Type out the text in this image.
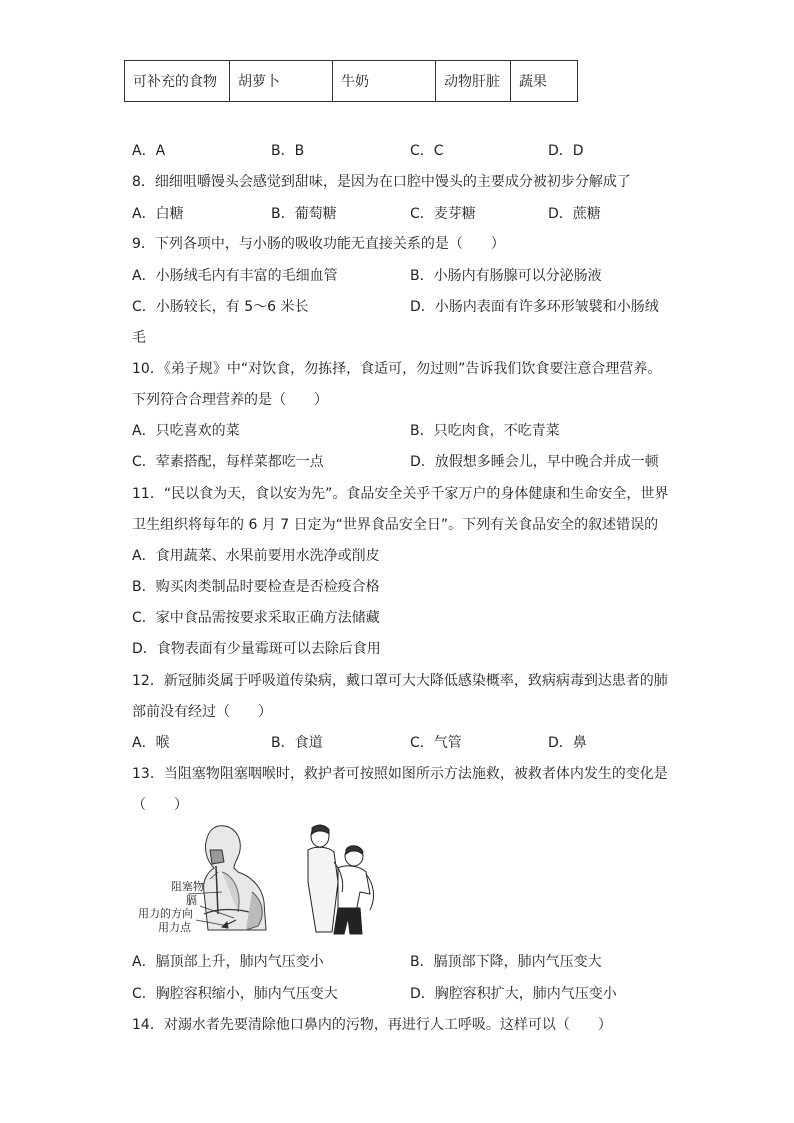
可补充的食物	胡萝卜	牛奶	动物肝脏	蔬果
A．A	B．B	C．C	D．D
8．细细咀嚼馒头会感觉到甜味，是因为在口腔中馒头的主要成分被初步分解成了
A．白糖	B．葡萄糖	C．麦芽糖	D．蔗糖
9．下列各项中，与小肠的吸收功能无直接关系的是（　　）
A．小肠绒毛内有丰富的毛细血管	B．小肠内有肠腺可以分泌肠液
C．小肠较长，有 5～6 米长	D．小肠内表面有许多环形皱襞和小肠绒
毛
10．《弟子规》中“对饮食，勿拣择，食适可，勿过则”告诉我们饮食要注意合理营养。
下列符合合理营养的是（　　）
A．只吃喜欢的菜	B．只吃肉食，不吃青菜
C．荤素搭配，每样菜都吃一点	D．放假想多睡会儿，早中晚合并成一顿
11．“民以食为天，食以安为先”。食品安全关乎千家万户的身体健康和生命安全，世界
卫生组织将每年的 6 月 7 日定为“世界食品安全日”。下列有关食品安全的叙述错误的
A．食用蔬菜、水果前要用水洗净或削皮
B．购买肉类制品时要检查是否检疫合格
C．家中食品需按要求采取正确方法储藏
D．食物表面有少量霉斑可以去除后食用
12．新冠肺炎属于呼吸道传染病，戴口罩可大大降低感染概率，致病病毒到达患者的肺
部前没有经过（　　）
A．喉	B．食道	C．气管	D．鼻
13．当阻塞物阻塞咽喉时，救护者可按照如图所示方法施救，被救者体内发生的变化是
（　　）
阻塞物
膈
用力的方向
用力点
A．膈顶部上升，肺内气压变小	B．膈顶部下降，肺内气压变大
C．胸腔容积缩小，肺内气压变大	D．胸腔容积扩大，肺内气压变小
14．对溺水者先要清除他口鼻内的污物，再进行人工呼吸。这样可以（　　）
